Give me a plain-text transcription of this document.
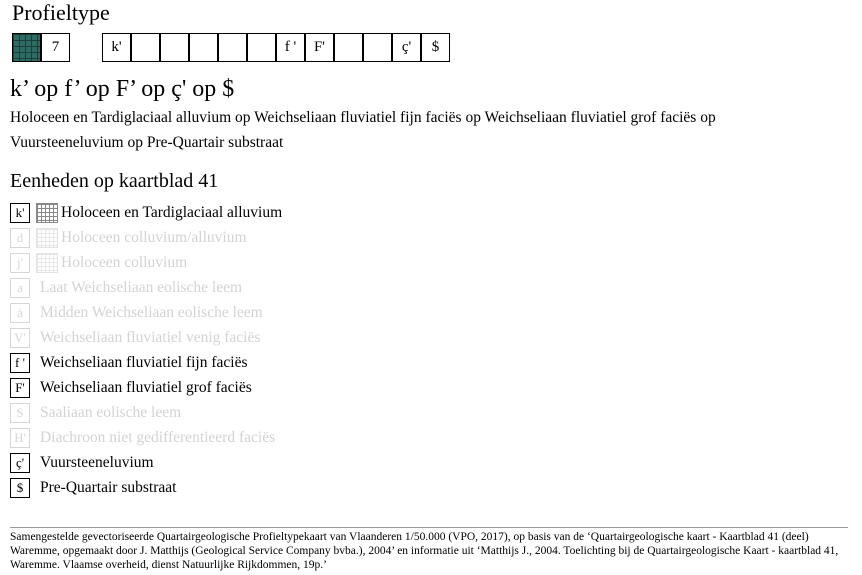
Profieltype
7	k'	f '	F'	ç'	$
k’ op f’ op F’ op ç' op $
Holoceen en Tardiglaciaal alluvium op Weichseliaan fluviatiel fijn faciës op Weichseliaan fluviatiel grof faciës op Vuursteeneluvium op Pre-Quartair substraat
Eenheden op kaartblad 41
k'	Holoceen en Tardiglaciaal alluvium
d	Holoceen colluvium/alluvium
j'	Holoceen colluvium
a	Laat Weichseliaan eolische leem
à	Midden Weichseliaan eolische leem
V' Weichseliaan fluviatiel venig faciës
f ' Weichseliaan fluviatiel fijn faciës
F' Weichseliaan fluviatiel grof faciës
S	Saaliaan eolische leem
H' Diachroon niet gedifferentieerd faciës
ç'	Vuursteeneluvium
$	Pre-Quartair substraat
Samengestelde gevectoriseerde Quartairgeologische Profieltypekaart van Vlaanderen 1/50.000 (VPO, 2017), op basis van de ‘Quartairgeologische kaart - Kaartblad 41 (deel) Waremme, opgemaakt door J. Matthijs (Geological Service Company bvba.), 2004’ en informatie uit ‘Matthijs J., 2004. Toelichting bij de Quartairgeologische Kaart - kaartblad 41, Waremme. Vlaamse overheid, dienst Natuurlijke Rijkdommen, 19p.’
